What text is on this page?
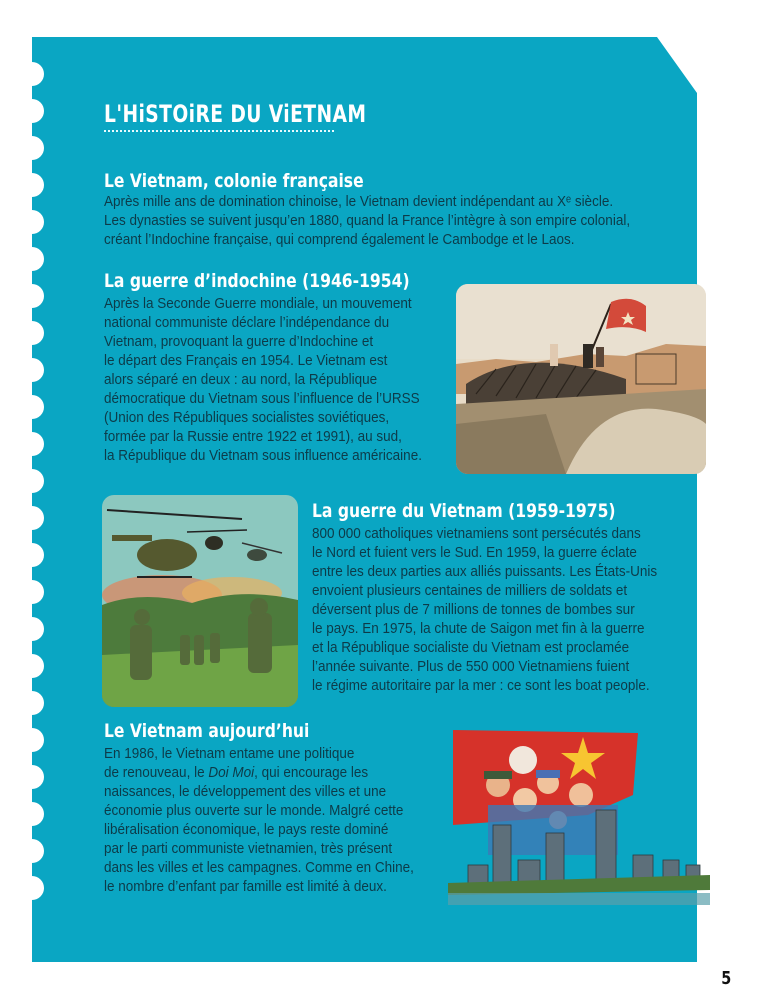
L'HiSTOiRE DU ViETNAM
Le Vietnam, colonie française
Après mille ans de domination chinoise, le Vietnam devient indépendant au Xᵉ siècle.
Les dynasties se suivent jusqu’en 1880, quand la France l’intègre à son empire colonial,
créant l’Indochine française, qui comprend également le Cambodge et le Laos.
La guerre d’indochine (1946-1954)
Après la Seconde Guerre mondiale, un mouvement
national communiste déclare l’indépendance du
Vietnam, provoquant la guerre d’Indochine et
le départ des Français en 1954. Le Vietnam est
alors séparé en deux : au nord, la République
démocratique du Vietnam sous l’influence de l’URSS
(Union des Républiques socialistes soviétiques,
formée par la Russie entre 1922 et 1991), au sud,
la République du Vietnam sous influence américaine.
La guerre du Vietnam (1959-1975)
800 000 catholiques vietnamiens sont persécutés dans
le Nord et fuient vers le Sud. En 1959, la guerre éclate
entre les deux parties aux alliés puissants. Les États-Unis
envoient plusieurs centaines de milliers de soldats et
déversent plus de 7 millions de tonnes de bombes sur
le pays. En 1975, la chute de Saigon met fin à la guerre
et la République socialiste du Vietnam est proclamée
l’année suivante. Plus de 550 000 Vietnamiens fuient
le régime autoritaire par la mer : ce sont les boat people.
Le Vietnam aujourd’hui
En 1986, le Vietnam entame une politique
de renouveau, le Doi Moi, qui encourage les
naissances, le développement des villes et une
économie plus ouverte sur le monde. Malgré cette
libéralisation économique, le pays reste dominé
par le parti communiste vietnamien, très présent
dans les villes et les campagnes. Comme en Chine,
le nombre d’enfant par famille est limité à deux.
5
